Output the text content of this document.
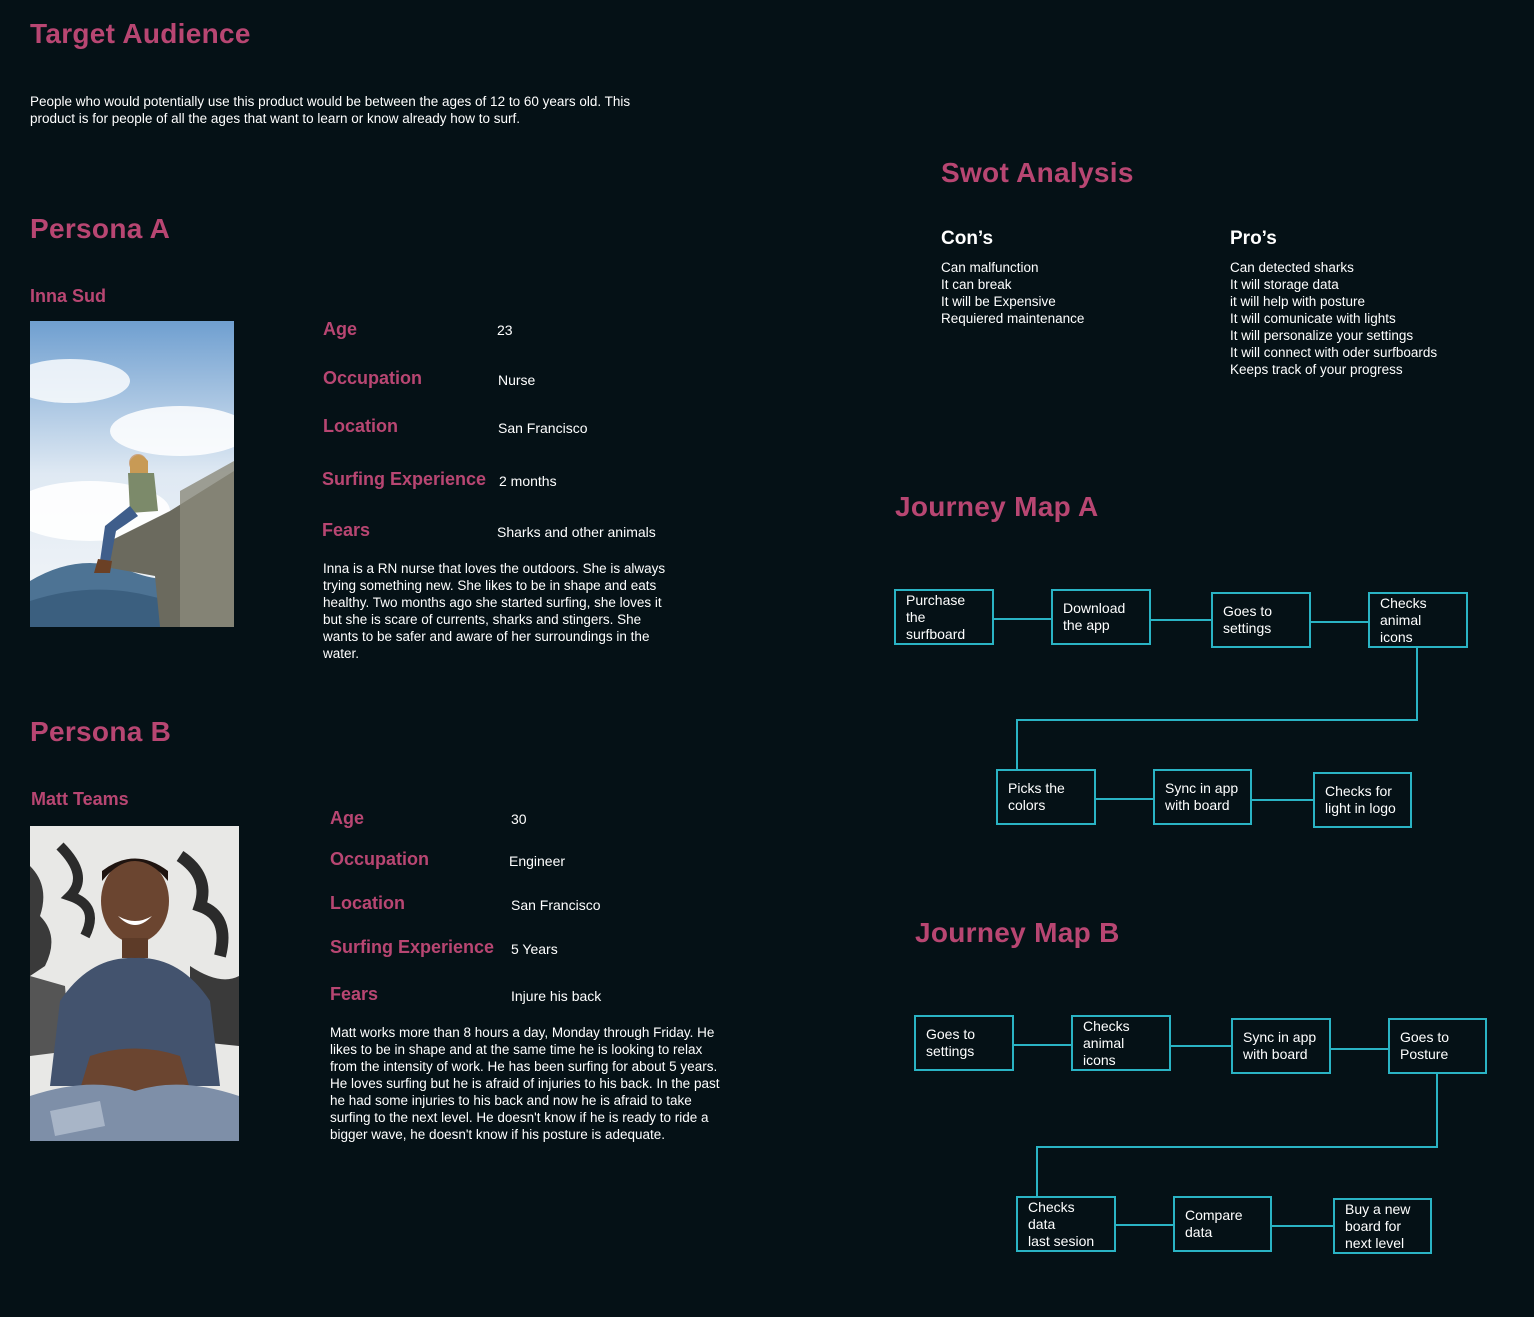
Target Audience

People who would potentially use this product would be between the ages of 12 to 60 years old. This product is for people of all the ages that want to learn or know already how to surf.

Persona A
Inna Sud
Age	23
Occupation	Nurse
Location	San Francisco
Surfing Experience 2 months
Fears	Sharks and other animals

Inna is a RN nurse that loves the outdoors. She is always trying something new. She likes to be in shape and eats healthy. Two months ago she started surfing, she loves it but she is scare of currents, sharks and stingers. She wants to be safer and aware of her surroundings in the water.

Persona B
Matt Teams
Age	30
Occupation	Engineer
Location	San Francisco
Surfing Experience 5 Years
Fears	Injure his back

Matt works more than 8 hours a day, Monday through Friday. He likes to be in shape and at the same time he is looking to relax from the intensity of work. He has been surfing for about 5 years. He loves surfing but he is afraid of injuries to his back. In the past he had some injuries to his back and now he is afraid to take surfing to the next level. He doesn't know if he is ready to ride a bigger wave, he doesn't know if his posture is adequate.

Swot Analysis
Con’s
Can malfunction
It can break
It will be Expensive
Requiered maintenance
Pro’s
Can detected sharks
It will storage data
it will help with posture
It will comunicate with lights
It will personalize your settings
It will connect with oder surfboards
Keeps track of your progress
Journey Map A
Purchase the
surfboard
Download
the app
Goes to
settings
Checks
animal icons
Picks the
colors
Sync in app
with board
Checks for
light in logo
Journey Map B
Goes to
settings
Checks
animal icons
Sync in app
with board
Goes to
Posture
Checks data
last sesion
Compare
data
Buy a new
board for
next level
